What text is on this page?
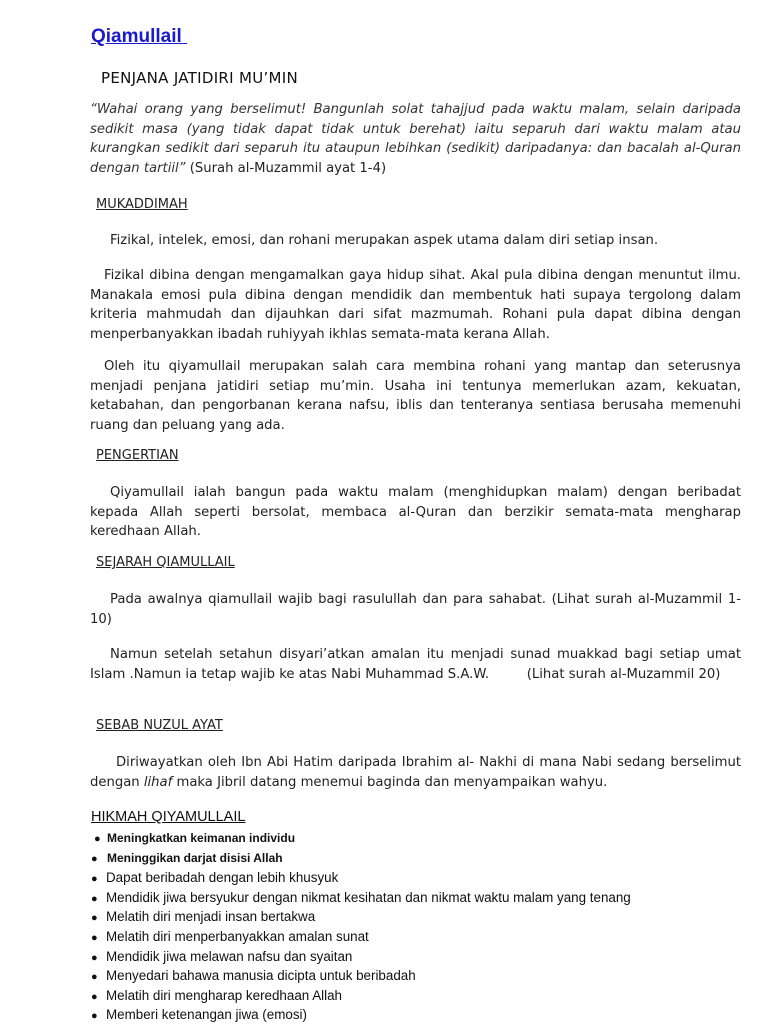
Qiamullail
PENJANA JATIDIRI MU’MIN
“Wahai orang yang berselimut! Bangunlah solat tahajjud pada waktu malam, selain daripada sedikit masa (yang tidak dapat tidak untuk berehat) iaitu separuh dari waktu malam atau kurangkan sedikit dari separuh itu ataupun lebihkan (sedikit) daripadanya: dan bacalah al-Quran dengan tartiil” (Surah al-Muzammil ayat 1-4)
MUKADDIMAH
Fizikal, intelek, emosi, dan rohani merupakan aspek utama dalam diri setiap insan.
Fizikal dibina dengan mengamalkan gaya hidup sihat. Akal pula dibina dengan menuntut ilmu. Manakala emosi pula dibina dengan mendidik dan membentuk hati supaya tergolong dalam kriteria mahmudah dan dijauhkan dari sifat mazmumah. Rohani pula dapat dibina dengan menperbanyakkan ibadah ruhiyyah ikhlas semata-mata kerana Allah.
Oleh itu qiyamullail merupakan salah cara membina rohani yang mantap dan seterusnya menjadi penjana jatidiri setiap mu’min. Usaha ini tentunya memerlukan azam, kekuatan, ketabahan, dan pengorbanan kerana nafsu, iblis dan tenteranya sentiasa berusaha memenuhi ruang dan peluang yang ada.
PENGERTIAN
Qiyamullail ialah bangun pada waktu malam (menghidupkan malam) dengan beribadat kepada Allah seperti bersolat, membaca al-Quran dan berzikir semata-mata mengharap keredhaan Allah.
SEJARAH QIAMULLAIL
Pada awalnya qiamullail wajib bagi rasulullah dan para sahabat. (Lihat surah al-Muzammil 1-10)
Namun setelah setahun disyari’atkan amalan itu menjadi sunad muakkad bagi setiap umat Islam .Namun ia tetap wajib ke atas Nabi Muhammad S.A.W.         (Lihat surah al-Muzammil 20)
SEBAB NUZUL AYAT
Diriwayatkan oleh Ibn Abi Hatim daripada Ibrahim al- Nakhi di mana Nabi sedang berselimut dengan lihaf maka Jibril datang menemui baginda dan menyampaikan wahyu.
HIKMAH QIYAMULLAIL
● Meningkatkan keimanan individu
● Meninggikan darjat disisi Allah
● Dapat beribadah dengan lebih khusyuk
● Mendidik jiwa bersyukur dengan nikmat kesihatan dan nikmat waktu malam yang tenang
● Melatih diri menjadi insan bertakwa
● Melatih diri menperbanyakkan amalan sunat
● Mendidik jiwa melawan nafsu dan syaitan
● Menyedari bahawa manusia dicipta untuk beribadah
● Melatih diri mengharap keredhaan Allah
● Memberi ketenangan jiwa (emosi)
